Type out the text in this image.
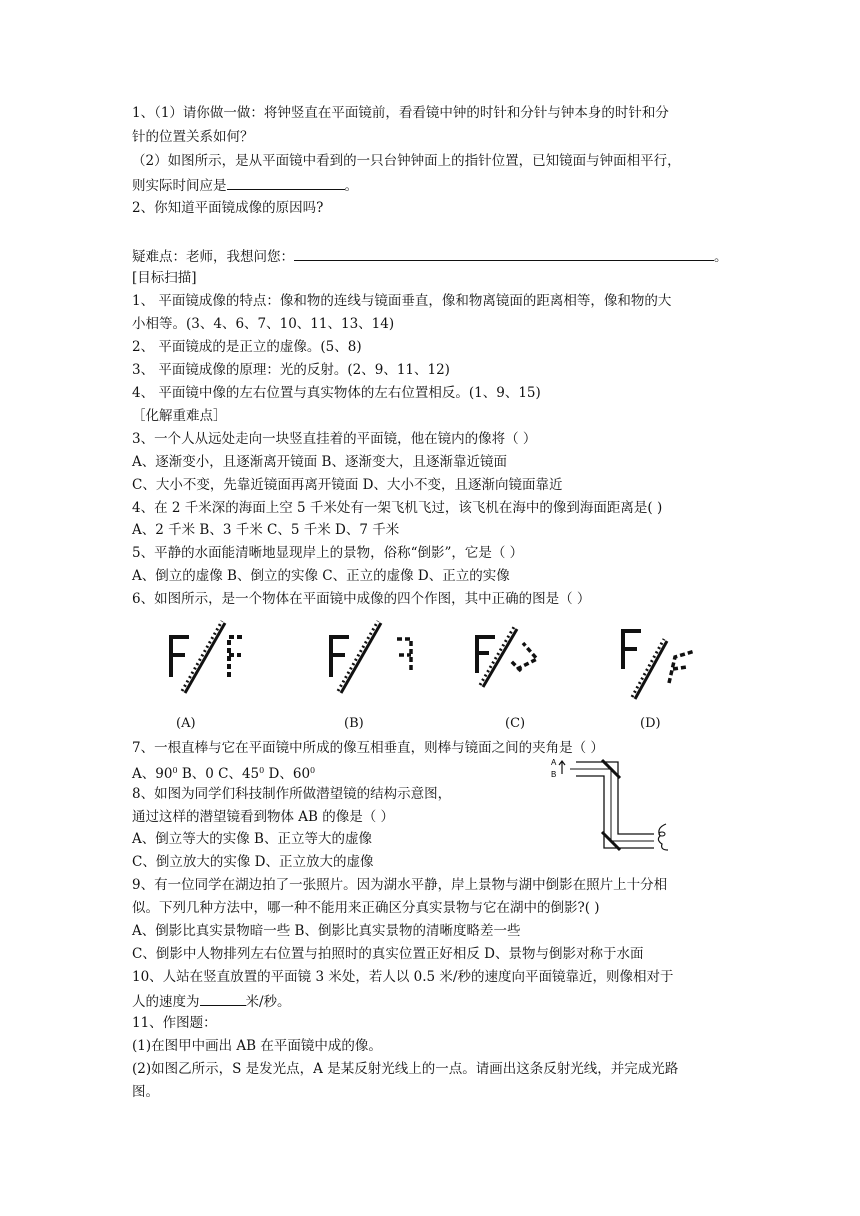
1、（1）请你做一做：将钟竖直在平面镜前，看看镜中钟的时针和分针与钟本身的时针和分
针的位置关系如何？
（2）如图所示，是从平面镜中看到的一只台钟钟面上的指针位置，已知镜面与钟面相平行，
则实际时间应是	。
2、你知道平面镜成像的原因吗?
疑难点：老师，我想问您：	。
[目标扫描]
1、 平面镜成像的特点：像和物的连线与镜面垂直，像和物离镜面的距离相等，像和物的大
小相等。(3、4、6、7、10、11、13、14)
2、 平面镜成的是正立的虚像。(5、8)
3、 平面镜成像的原理：光的反射。(2、9、11、12)
4、 平面镜中像的左右位置与真实物体的左右位置相反。(1、9、15)
［化解重难点］
3、一个人从远处走向一块竖直挂着的平面镜，他在镜内的像将（ ）
A、逐渐变小，且逐渐离开镜面 B、逐渐变大，且逐渐靠近镜面
C、大小不变，先靠近镜面再离开镜面 D、大小不变，且逐渐向镜面靠近
4、在 2 千米深的海面上空 5 千米处有一架飞机飞过，该飞机在海中的像到海面距离是( )
A、2 千米 B、3 千米 C、5 千米 D、7 千米
5、平静的水面能清晰地显现岸上的景物，俗称“倒影”，它是（ ）
A、倒立的虚像 B、倒立的实像 C、正立的虚像 D、正立的实像
6、如图所示，是一个物体在平面镜中成像的四个作图，其中正确的图是（ ）
(A)	(B)	(C)	(D)
7、一根直棒与它在平面镜中所成的像互相垂直，则棒与镜面之间的夹角是（ ）
A、$90^0$ B、0 C、$45^0$ D、$60^0$
A
B
8、如图为同学们科技制作所做潜望镜的结构示意图，
通过这样的潜望镜看到物体 AB 的像是（ ）
A、倒立等大的实像 B、正立等大的虚像
C、倒立放大的实像 D、正立放大的虚像
9、有一位同学在湖边拍了一张照片。因为湖水平静，岸上景物与湖中倒影在照片上十分相
似。下列几种方法中，哪一种不能用来正确区分真实景物与它在湖中的倒影?( )
A、倒影比真实景物暗一些 B、倒影比真实景物的清晰度略差一些
C、倒影中人物排列左右位置与拍照时的真实位置正好相反 D、景物与倒影对称于水面
10、人站在竖直放置的平面镜 3 米处，若人以 0.5 米/秒的速度向平面镜靠近，则像相对于
人的速度为	米/秒。
11、作图题：
(1)在图甲中画出 AB 在平面镜中成的像。
(2)如图乙所示，S 是发光点，A 是某反射光线上的一点。请画出这条反射光线，并完成光路
图。
